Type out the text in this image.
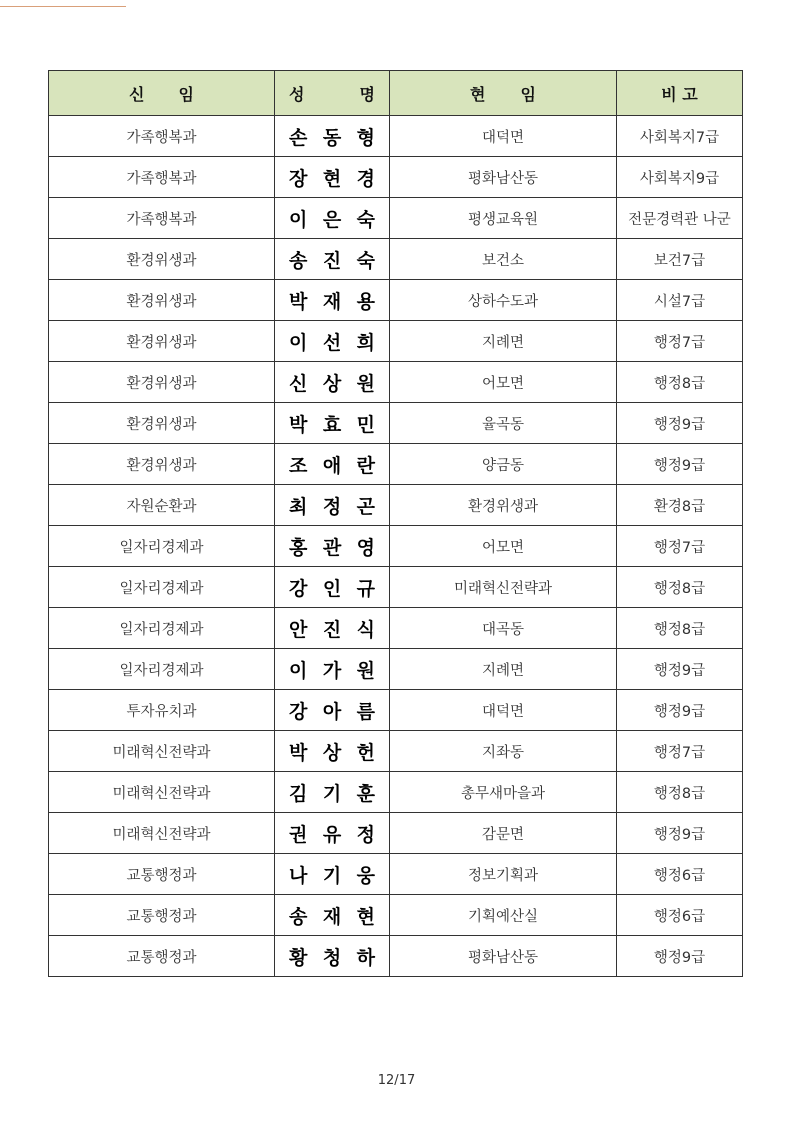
신 임	성 명	현 임	비 고
가족행복과	손 동 형	대덕면	사회복지7급
가족행복과	장 현 경	평화남산동	사회복지9급
가족행복과	이 은 숙	평생교육원	전문경력관 나군
환경위생과	송 진 숙	보건소	보건7급
환경위생과	박 재 용	상하수도과	시설7급
환경위생과	이 선 희	지례면	행정7급
환경위생과	신 상 원	어모면	행정8급
환경위생과	박 효 민	율곡동	행정9급
환경위생과	조 애 란	양금동	행정9급
자원순환과	최 정 곤	환경위생과	환경8급
일자리경제과	홍 관 영	어모면	행정7급
일자리경제과	강 인 규	미래혁신전략과	행정8급
일자리경제과	안 진 식	대곡동	행정8급
일자리경제과	이 가 원	지례면	행정9급
투자유치과	강 아 름	대덕면	행정9급
미래혁신전략과	박 상 헌	지좌동	행정7급
미래혁신전략과	김 기 훈	총무새마을과	행정8급
미래혁신전략과	권 유 정	감문면	행정9급
교통행정과	나 기 웅	정보기획과	행정6급
교통행정과	송 재 현	기획예산실	행정6급
교통행정과	황 청 하	평화남산동	행정9급
12/17
